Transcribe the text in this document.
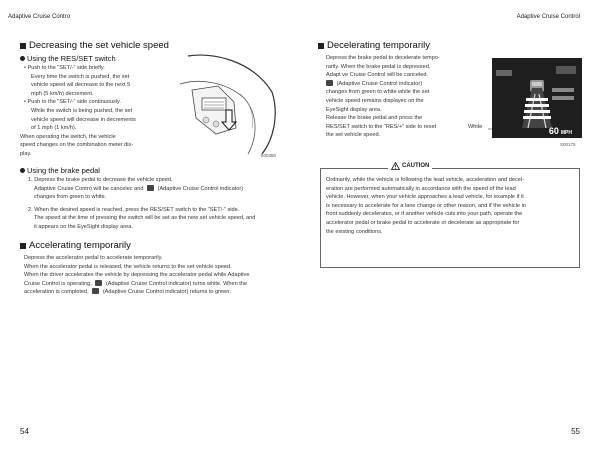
Adaptive Cruise Contro	Adaptive Cruise Control
Decreasing the set vehicle speed
Using the RES/SET switch

• Push to the “SET/-” side briefly.

Every time the switch is pushed, the set

vehicle speed wil decrease to the next 5

mph (5 km/h) decrement.

• Push to the “SET/-” side continuously.

While the switch is being pushed, the set

vehicle speed will decrease in decrements

of 1 mph (1 km/h).

When operating the switch, the vehicle

speed changes on the combination meter dis-

play.	S00380
Using the brake pedal

1. Depress the brake pedal to decrease the vehicle speed.

Adaptive Cruise Contro will be cancelec and	(Adaptive Cruise Control indicator)

changes from green to white.

2. When the desired speed is reached, press the RES/SET switch to the “SET/-” side.

The speed at the time of pressing the switch will be set as the new set vehicle speed, and

it appears on the EyeSight display area.

Accelerating temporarily

Depress the accelerator pedal to accelerate temporarily.

When the accelerator pedal is released, the vehicle returns to the set vehicle speed.

When the driver accelerates the vehicle by depressing the accelerator pedal while Adaptive

Cruise Control is operating,	(Adaptive Cruise Control indicator) turns white. When the

acceleration is completed,	(Adaptive Cruise Control indicator) returns to green.

54
Decelerating temporarily

Depress the brake pedal to decelerate tempo-

rarily. When the brake pedal is depressed,

Adapt ve Cruise Control will be canceled.

(Adaptive Cruise Control indicator)

changes from green to white while the set

vehicle speed remains displayec on the

EyeSight display area.

Release the brake pedal and press the

RES/SET switch to the “RES/+” side to reset

the set vehicle speed.

White	60 MPH
S00175
CAUTION

Ordinarily, while the vehicle is following the lead vehicle, acceleration and decel-

eration are performed automatically in accordance with the speed of the lead

vehicle. However, when your vehicle approaches a lead vehicle, for example if it

is necessary to accelerate for a lane change or other reason, and if the vehicle in

front suddenly decelerates, or if another vehicle cuts into your path, operate the

accelerator pedal or brake pedal to accelerate or decelerate as appropriate for

the existing conditions.

55
